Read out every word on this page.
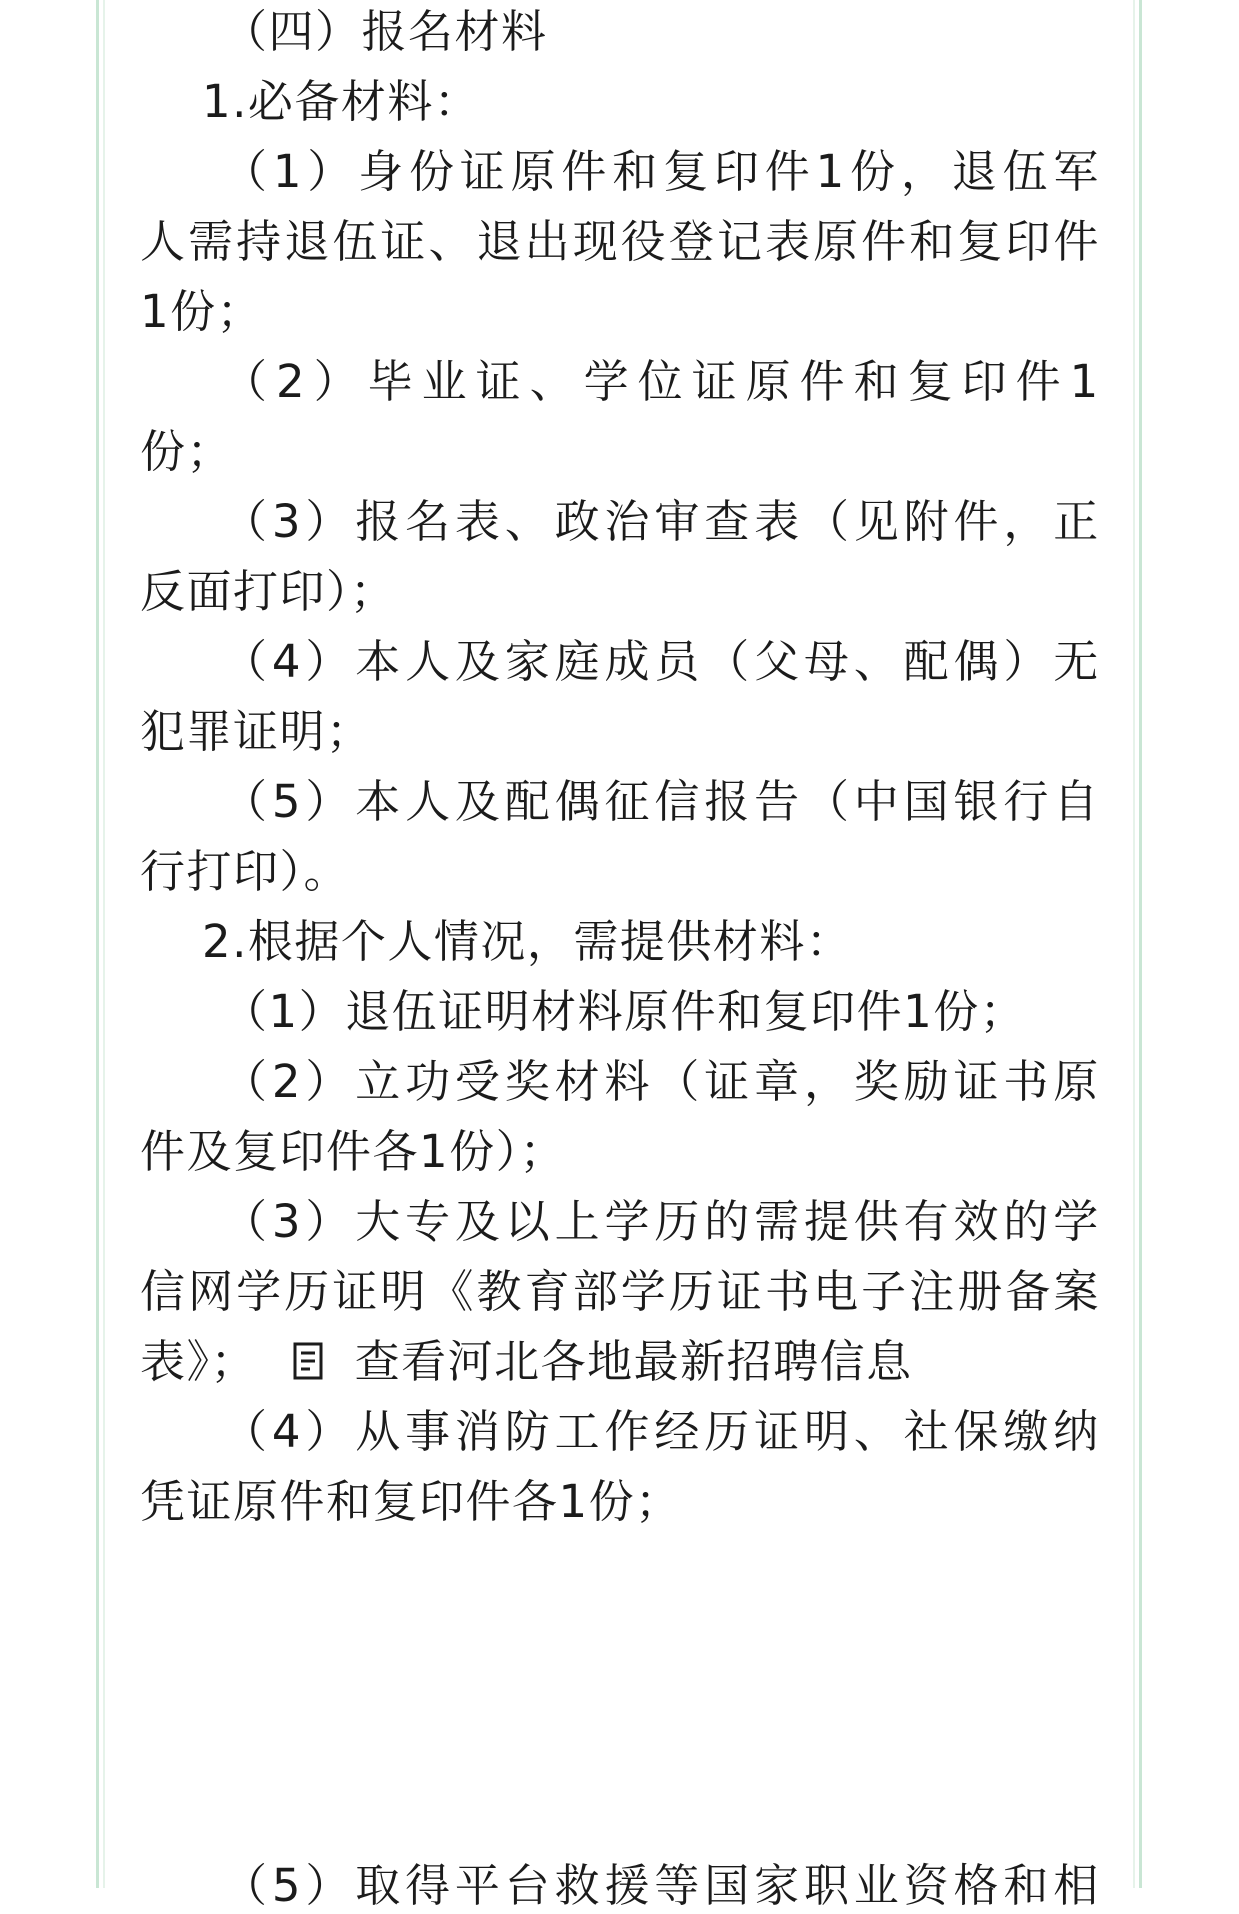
（四）报名材料
1.必备材料：
（ 1 ） 身 份 证 原 件 和 复 印 件 1 份 ， 退 伍 军
人 需 持 退 伍 证 、 退 出 现 役 登 记 表 原 件 和 复 印 件
1份；
（ 2 ） 毕 业 证 、 学 位 证 原 件 和 复 印 件 1
份；
（ 3 ） 报 名 表 、 政 治 审 查 表 （ 见 附 件 ， 正
反面打印）；
（ 4 ） 本 人 及 家 庭 成 员 （ 父 母 、 配 偶 ） 无
犯罪证明；
（ 5 ） 本 人 及 配 偶 征 信 报 告 （ 中 国 银 行 自
行打印）。
2.根据个人情况，需提供材料：
（1）退伍证明材料原件和复印件1份；
（ 2 ） 立 功 受 奖 材 料 （ 证 章 ， 奖 励 证 书 原
件及复印件各1份）；
（ 3 ） 大 专 及 以 上 学 历 的 需 提 供 有 效 的 学
信 网 学 历 证 明 《 教 育 部 学 历 证 书 电 子 注 册 备 案
表》； 查看河北各地最新招聘信息
（ 4 ） 从 事 消 防 工 作 经 历 证 明 、 社 保 缴 纳
凭证原件和复印件各1份；
（ 5 ） 取 得 平 台 救 援 等 国 家 职 业 资 格 和 相
